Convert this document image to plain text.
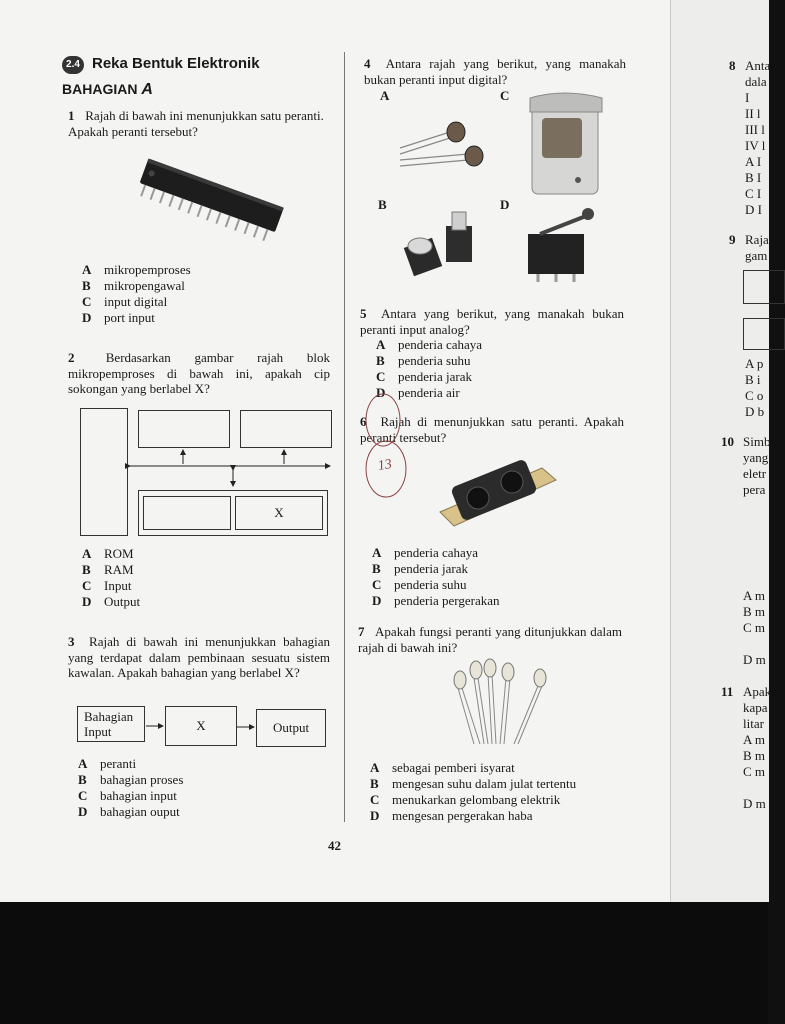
2.4 Reka Bentuk Elektronik
BAHAGIAN A
1 Rajah di bawah ini menunjukkan satu peranti. Apakah peranti tersebut?
A mikropemproses
B mikropengawal
C input digital
D port input
2 Berdasarkan gambar rajah blok mikropemproses di bawah ini, apakah cip sokongan yang berlabel X?
X
A ROM
B RAM
C Input
D Output
3 Rajah di bawah ini menunjukkan bahagian yang terdapat dalam pembinaan sesuatu sistem kawalan. Apakah bahagian yang berlabel X?
Bahagian Input	X	Output
A peranti
B bahagian proses
C bahagian input
D bahagian ouput
4 Antara rajah yang berikut, yang manakah bukan peranti input digital?
A	C
B	D
5 Antara yang berikut, yang manakah bukan peranti input analog?
A penderia cahaya
B penderia suhu
C penderia jarak
D penderia air
6 Rajah di menunjukkan satu peranti. Apakah peranti tersebut?
13
A penderia cahaya
B penderia jarak
C penderia suhu
D penderia pergerakan
7 Apakah fungsi peranti yang ditunjukkan dalam rajah di bawah ini?
A sebagai pemberi isyarat
B mengesan suhu dalam julat tertentu
C menukarkan gelombang elektrik
D mengesan pergerakan haba
42
8 Anta
dala
I
II l
III l
IV l
A I
B I
C I
D I
9 Raja
gam
A p
B i
C o
D b
10 Simb
yang
eletr
pera
A m
B m
C m
D m
11 Apak
kapa
litar
A m
B m
C m
D m
